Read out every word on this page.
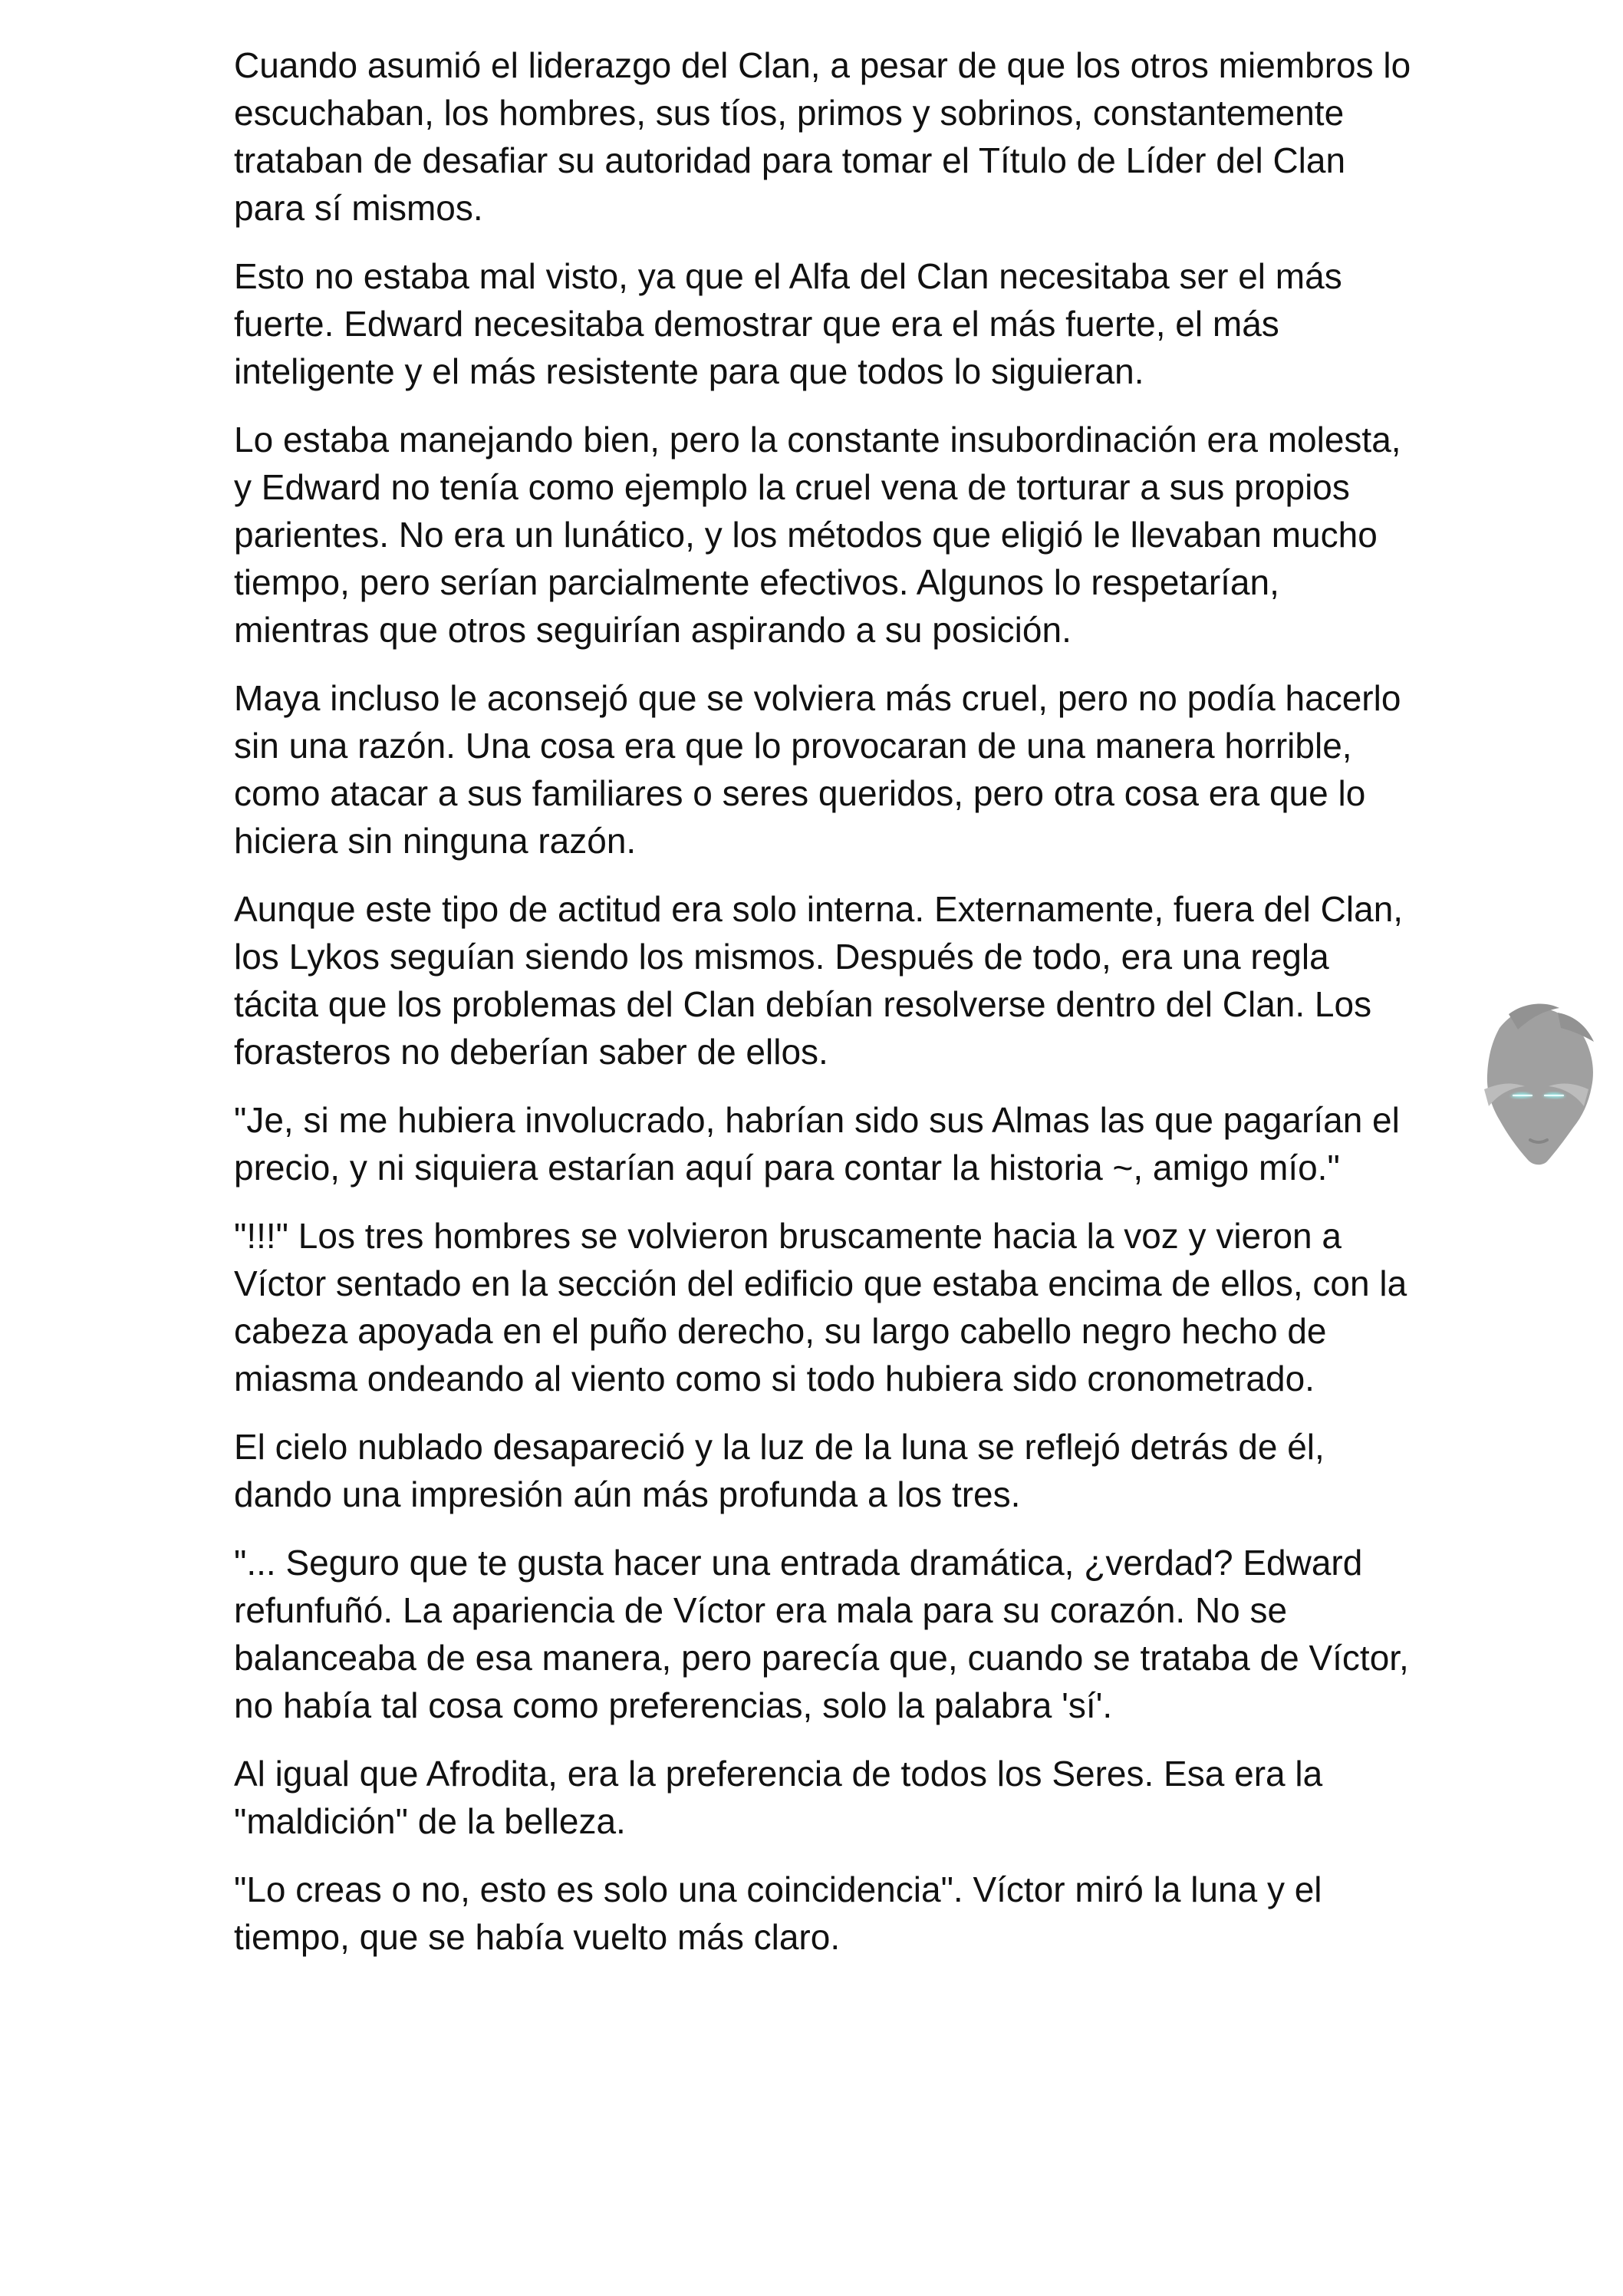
Cuando asumió el liderazgo del Clan, a pesar de que los otros miembros lo escuchaban, los hombres, sus tíos, primos y sobrinos, constantemente trataban de desafiar su autoridad para tomar el Título de Líder del Clan para sí mismos.

Esto no estaba mal visto, ya que el Alfa del Clan necesitaba ser el más fuerte. Edward necesitaba demostrar que era el más fuerte, el más inteligente y el más resistente para que todos lo siguieran.

Lo estaba manejando bien, pero la constante insubordinación era molesta, y Edward no tenía como ejemplo la cruel vena de torturar a sus propios parientes. No era un lunático, y los métodos que eligió le llevaban mucho tiempo, pero serían parcialmente efectivos. Algunos lo respetarían, mientras que otros seguirían aspirando a su posición.

Maya incluso le aconsejó que se volviera más cruel, pero no podía hacerlo sin una razón. Una cosa era que lo provocaran de una manera horrible, como atacar a sus familiares o seres queridos, pero otra cosa era que lo hiciera sin ninguna razón.

Aunque este tipo de actitud era solo interna. Externamente, fuera del Clan, los Lykos seguían siendo los mismos. Después de todo, era una regla tácita que los problemas del Clan debían resolverse dentro del Clan. Los forasteros no deberían saber de ellos.

"Je, si me hubiera involucrado, habrían sido sus Almas las que pagarían el precio, y ni siquiera estarían aquí para contar la historia ~, amigo mío."

"!!!" Los tres hombres se volvieron bruscamente hacia la voz y vieron a Víctor sentado en la sección del edificio que estaba encima de ellos, con la cabeza apoyada en el puño derecho, su largo cabello negro hecho de miasma ondeando al viento como si todo hubiera sido cronometrado.

El cielo nublado desapareció y la luz de la luna se reflejó detrás de él, dando una impresión aún más profunda a los tres.

"... Seguro que te gusta hacer una entrada dramática, ¿verdad? Edward refunfuñó. La apariencia de Víctor era mala para su corazón. No se balanceaba de esa manera, pero parecía que, cuando se trataba de Víctor, no había tal cosa como preferencias, solo la palabra 'sí'.

Al igual que Afrodita, era la preferencia de todos los Seres. Esa era la "maldición" de la belleza.

"Lo creas o no, esto es solo una coincidencia". Víctor miró la luna y el tiempo, que se había vuelto más claro.
